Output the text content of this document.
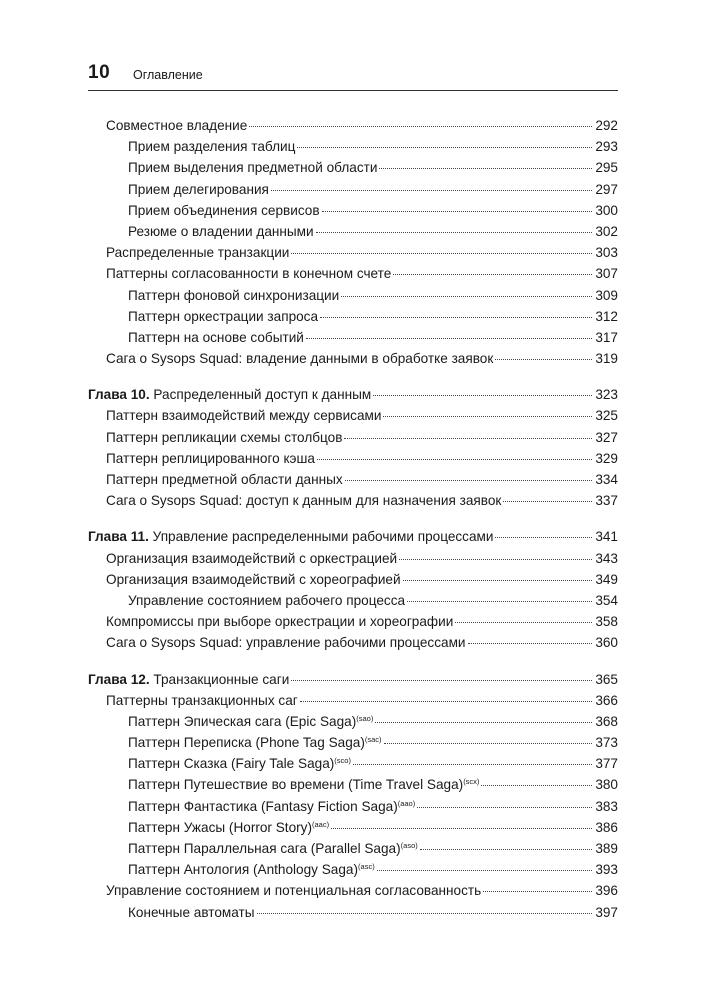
10 Оглавление
Совместное владение	292
Прием разделения таблиц	293
Прием выделения предметной области	295
Прием делегирования	297
Прием объединения сервисов	300
Резюме о владении данными	302
Распределенные транзакции	303
Паттерны согласованности в конечном счете	307
Паттерн фоновой синхронизации	309
Паттерн оркестрации запроса	312
Паттерн на основе событий	317
Сага о Sysops Squad: владение данными в обработке заявок	319
Глава 10. Распределенный доступ к данным	323
Паттерн взаимодействий между сервисами	325
Паттерн репликации схемы столбцов	327
Паттерн реплицированного кэша	329
Паттерн предметной области данных	334
Сага о Sysops Squad: доступ к данным для назначения заявок	337
Глава 11. Управление распределенными рабочими процессами	341
Организация взаимодействий с оркестрацией	343
Организация взаимодействий с хореографией	349
Управление состоянием рабочего процесса	354
Компромиссы при выборе оркестрации и хореографии	358
Сага о Sysops Squad: управление рабочими процессами	360
Глава 12. Транзакционные саги	365
Паттерны транзакционных саг	366
Паттерн Эпическая сага (Epic Saga)$^{(sao)}$	368
Паттерн Переписка (Phone Tag Saga)$^{(sac)}$	373
Паттерн Сказка (Fairy Tale Saga)$^{(sco)}$	377
Паттерн Путешествие во времени (Time Travel Saga)$^{(scx)}$	380
Паттерн Фантастика (Fantasy Fiction Saga)$^{(aao)}$	383
Паттерн Ужасы (Horror Story)$^{(aac)}$	386
Паттерн Параллельная сага (Parallel Saga)$^{(aso)}$	389
Паттерн Антология (Anthology Saga)$^{(asc)}$	393
Управление состоянием и потенциальная согласованность	396
Конечные автоматы	397
